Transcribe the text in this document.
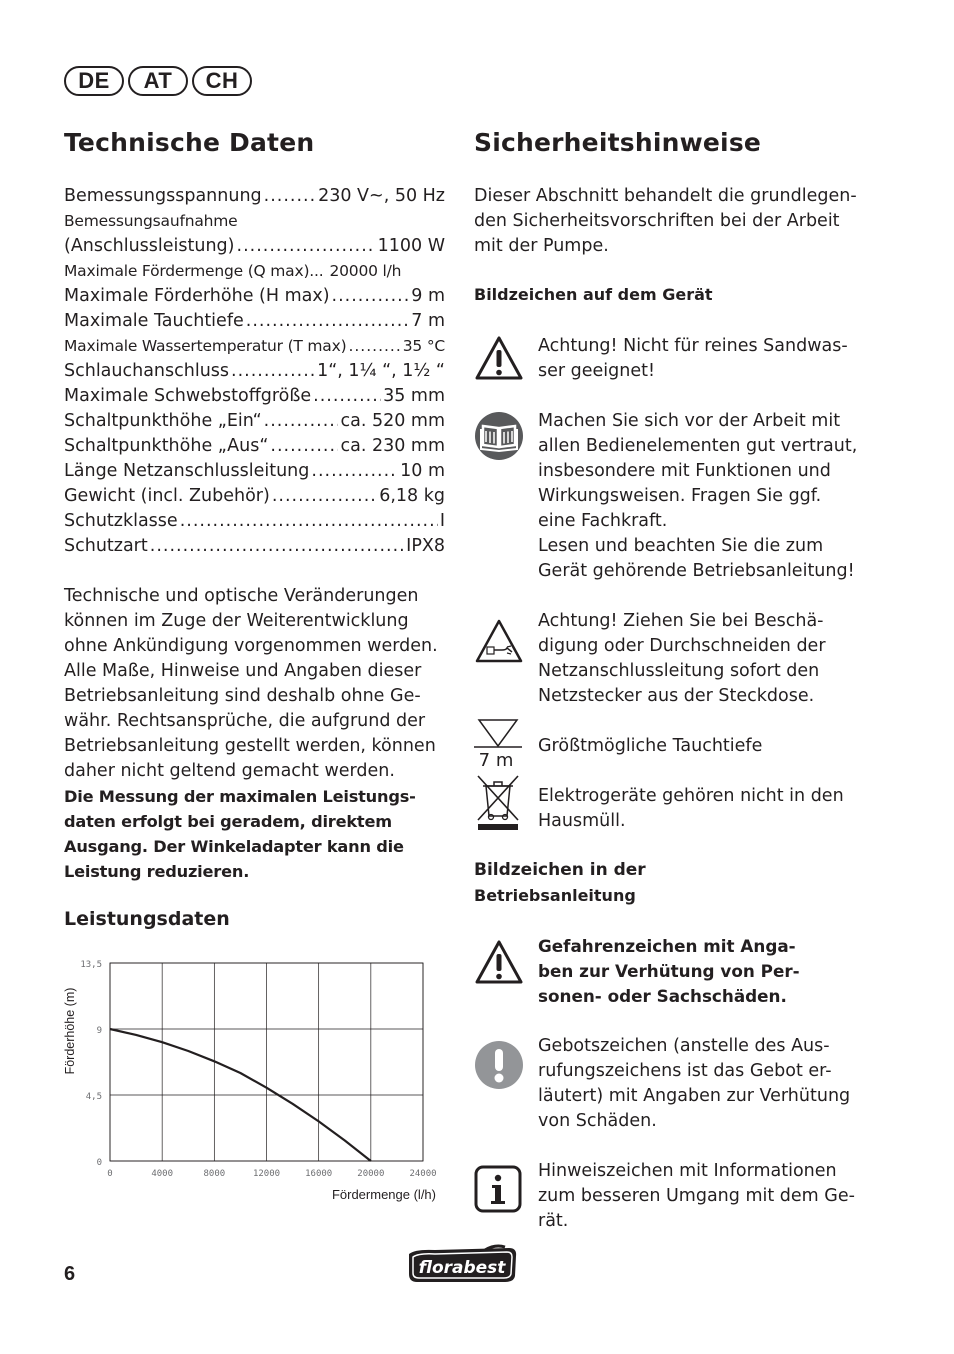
DE	AT	CH
Technische Daten
Bemessungsspannung .....	230 V~, 50 Hz
Bemessungsaufnahme
(Anschlussleistung) .....	1100 W
Maximale Fördermenge (Q max)... 20000 l/h
Maximale Förderhöhe (H max) .....	9 m
Maximale Tauchtiefe .....	7 m
Maximale Wassertemperatur (T max) .....	35 °C
Schlauchanschluss .....	1“, 1¼ “, 1½ “
Maximale Schwebstoffgröße .....	35 mm
Schaltpunkthöhe „Ein“ .....	ca. 520 mm
Schaltpunkthöhe „Aus“ .....	ca. 230 mm
Länge Netzanschlussleitung .....	10 m
Gewicht (incl. Zubehör) .....	6,18 kg
Schutzklasse .....	I
Schutzart .....	IPX8
Technische und optische Veränderungen
können im Zuge der Weiterentwicklung
ohne Ankündigung vorgenommen werden.
Alle Maße, Hinweise und Angaben dieser
Betriebsanleitung sind deshalb ohne Ge-
währ. Rechtsansprüche, die aufgrund der
Betriebsanleitung gestellt werden, können
daher nicht geltend gemacht werden.
Die Messung der maximalen Leistungs-
daten erfolgt bei geradem, direktem
Ausgang. Der Winkeladapter kann die
Leistung reduzieren.
Leistungsdaten
0	4000	8000	12000	16000	20000	24000
0
4,5
9
13,5
Förderhöhe (m)
Fördermenge (l/h)
Sicherheitshinweise
Dieser Abschnitt behandelt die grundlegen-
den Sicherheitsvorschriften bei der Arbeit
mit der Pumpe.
Bildzeichen auf dem Gerät
Achtung! Nicht für reines Sandwas-
ser geeignet!
Machen Sie sich vor der Arbeit mit
allen Bedienelementen gut vertraut,
insbesondere mit Funktionen und
Wirkungsweisen. Fragen Sie ggf.
eine Fachkraft.
Lesen und beachten Sie die zum
Gerät gehörende Betriebsanleitung!
Achtung! Ziehen Sie bei Beschä-
digung oder Durchschneiden der
Netzanschlussleitung sofort den
Netzstecker aus der Steckdose.
7 m
Größtmögliche Tauchtiefe
Elektrogeräte gehören nicht in den
Hausmüll.
Bildzeichen in der
Betriebsanleitung
Gefahrenzeichen mit Anga-
ben zur Verhütung von Per-
sonen- oder Sachschäden.
Gebotszeichen (anstelle des Aus-
rufungszeichens ist das Gebot er-
läutert) mit Angaben zur Verhütung
von Schäden.
Hinweiszeichen mit Informationen
zum besseren Umgang mit dem Ge-
rät.
6	florabest
